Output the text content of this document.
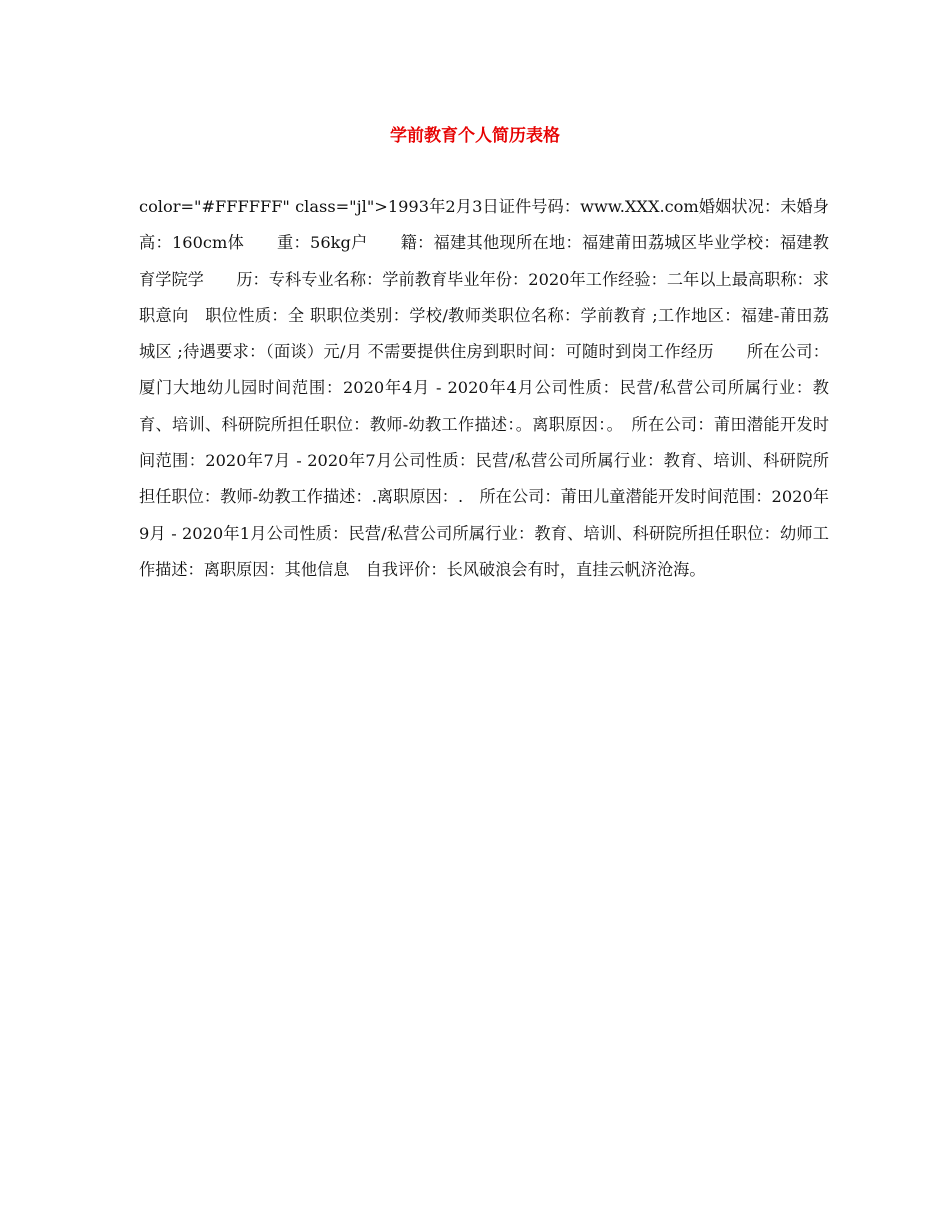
学前教育个人简历表格

color="#FFFFFF" class="jl">1993年2月3日证件号码：www.XXX.com婚姻状况：未婚身　　高：160cm体　　重：56kg户　　籍：福建其他现所在地：福建莆田荔城区毕业学校：福建教育学院学　　历：专科专业名称：学前教育毕业年份：2020年工作经验：二年以上最高职称：求职意向　职位性质：全 职职位类别：学校/教师类职位名称：学前教育 ;工作地区：福建-莆田荔城区 ;待遇要求：（面谈）元/月 不需要提供住房到职时间：可随时到岗工作经历　　所在公司：厦门大地幼儿园时间范围：2020年4月 - 2020年4月公司性质：民营/私营公司所属行业：教育、培训、科研院所担任职位：教师-幼教工作描述：。离职原因：。　所在公司：莆田潜能开发时间范围：2020年7月 - 2020年7月公司性质：民营/私营公司所属行业：教育、培训、科研院所担任职位：教师-幼教工作描述：.离职原因：.　所在公司：莆田儿童潜能开发时间范围：2020年9月 - 2020年1月公司性质：民营/私营公司所属行业：教育、培训、科研院所担任职位：幼师工作描述：离职原因：其他信息　自我评价：长风破浪会有时，直挂云帆济沧海。
